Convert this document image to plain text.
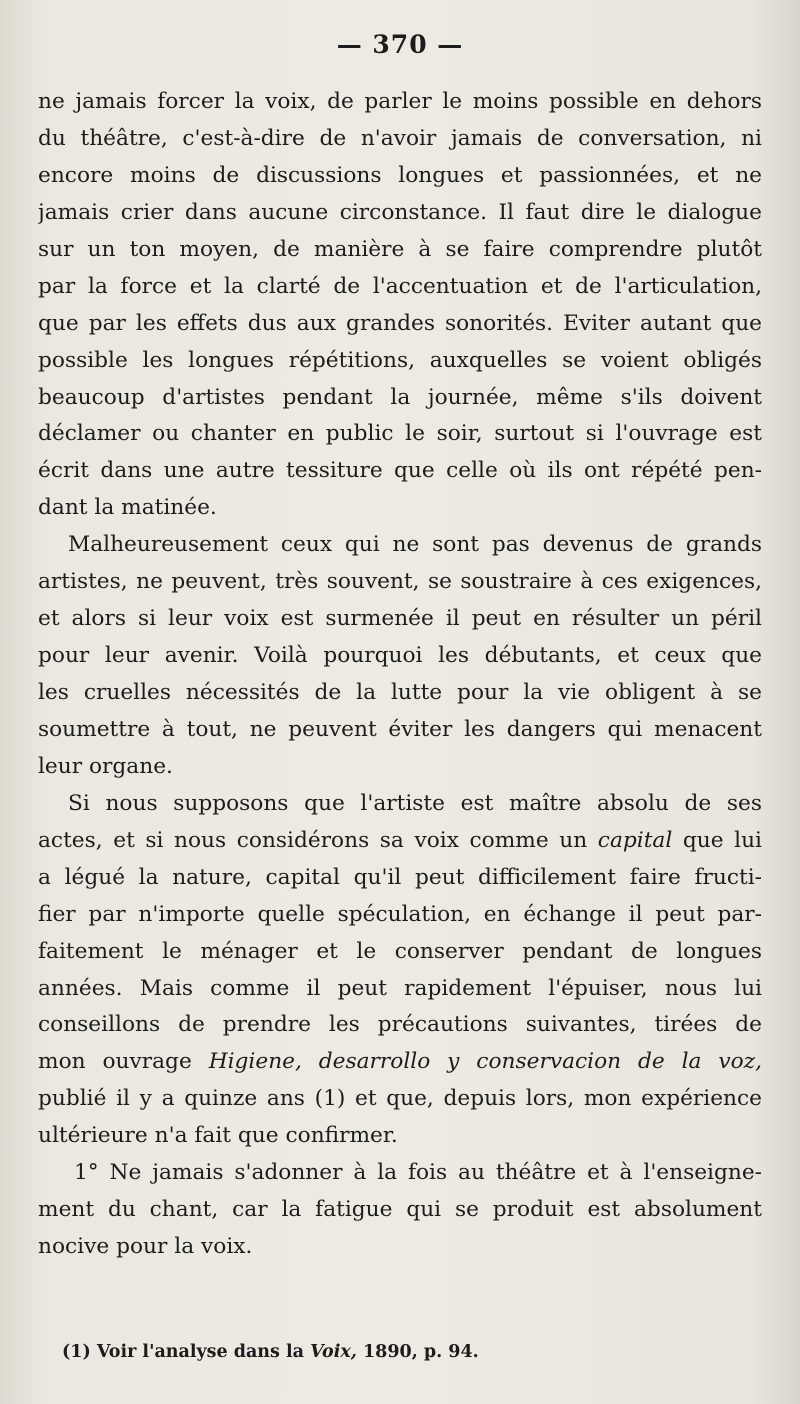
— 370 —
ne jamais forcer la voix, de parler le moins possible en dehors
du théâtre, c'est-à-dire de n'avoir jamais de conversation, ni
encore moins de discussions longues et passionnées, et ne
jamais crier dans aucune circonstance. Il faut dire le dialogue
sur un ton moyen, de manière à se faire comprendre plutôt
par la force et la clarté de l'accentuation et de l'articulation,
que par les effets dus aux grandes sonorités. Eviter autant que
possible les longues répétitions, auxquelles se voient obligés
beaucoup d'artistes pendant la journée, même s'ils doivent
déclamer ou chanter en public le soir, surtout si l'ouvrage est
écrit dans une autre tessiture que celle où ils ont répété pen-
dant la matinée.
Malheureusement ceux qui ne sont pas devenus de grands
artistes, ne peuvent, très souvent, se soustraire à ces exigences,
et alors si leur voix est surmenée il peut en résulter un péril
pour leur avenir. Voilà pourquoi les débutants, et ceux que
les cruelles nécessités de la lutte pour la vie obligent à se
soumettre à tout, ne peuvent éviter les dangers qui menacent
leur organe.
Si nous supposons que l'artiste est maître absolu de ses
actes, et si nous considérons sa voix comme un capital que lui
a légué la nature, capital qu'il peut difficilement faire fructi-
fier par n'importe quelle spéculation, en échange il peut par-
faitement le ménager et le conserver pendant de longues
années. Mais comme il peut rapidement l'épuiser, nous lui
conseillons de prendre les précautions suivantes, tirées de
mon ouvrage Higiene, desarrollo y conservacion de la voz,
publié il y a quinze ans (1) et que, depuis lors, mon expérience
ultérieure n'a fait que confirmer.
1° Ne jamais s'adonner à la fois au théâtre et à l'enseigne-
ment du chant, car la fatigue qui se produit est absolument
nocive pour la voix.
(1) Voir l'analyse dans la Voix, 1890, p. 94.
